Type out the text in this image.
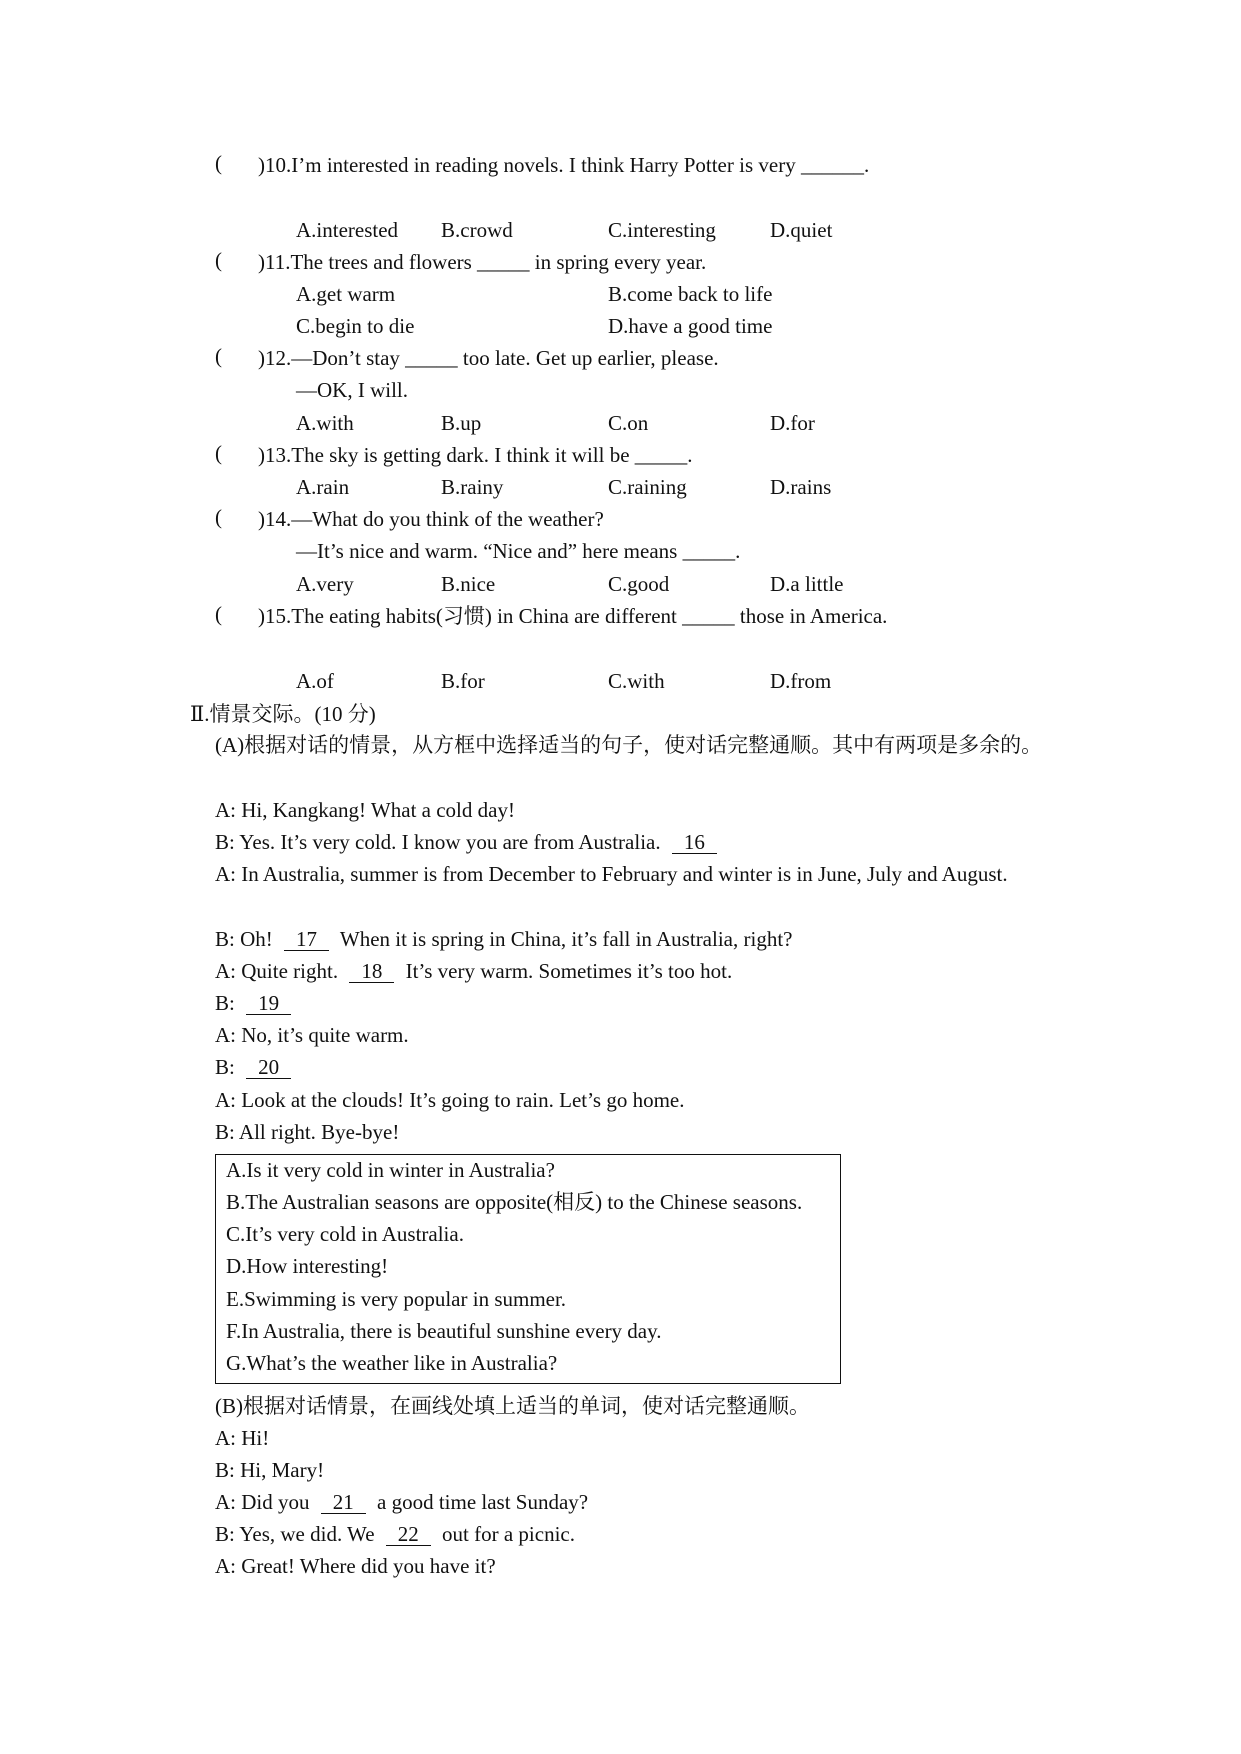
( )10.I’m interested in reading novels. I think Harry Potter is very ______.
A.interested B.crowd	C.interesting	D.quiet
( )11.The trees and flowers _____ in spring every year.
A.get warm	B.come back to life
C.begin to die	D.have a good time
( )12.—Don’t stay _____ too late. Get up earlier, please.
—OK, I will.
A.with	B.up	C.on	D.for
( )13.The sky is getting dark. I think it will be _____.
A.rain	B.rainy	C.raining	D.rains
( )14.—What do you think of the weather?
—It’s nice and warm. “Nice and” here means _____.
A.very	B.nice	C.good	D.a little
( )15.The eating habits(习惯) in China are different _____ those in America.
A.of	B.for	C.with	D.from
Ⅱ.情景交际。(10 分)
(A)根据对话的情景，从方框中选择适当的句子，使对话完整通顺。其中有两项是多余的。
A: Hi, Kangkang! What a cold day!
B: Yes. It’s very cold. I know you are from Australia. 16
A: In Australia, summer is from December to February and winter is in June, July and August.
B: Oh! 17 When it is spring in China, it’s fall in Australia, right?
A: Quite right. 18 It’s very warm. Sometimes it’s too hot.
B: 19
A: No, it’s quite warm.
B: 20
A: Look at the clouds! It’s going to rain. Let’s go home.
B: All right. Bye-bye!
A.Is it very cold in winter in Australia?
B.The Australian seasons are opposite(相反) to the Chinese seasons.
C.It’s very cold in Australia.
D.How interesting!
E.Swimming is very popular in summer.
F.In Australia, there is beautiful sunshine every day.
G.What’s the weather like in Australia?
(B)根据对话情景，在画线处填上适当的单词，使对话完整通顺。
A: Hi!
B: Hi, Mary!
A: Did you 21 a good time last Sunday?
B: Yes, we did. We 22 out for a picnic.
A: Great! Where did you have it?
